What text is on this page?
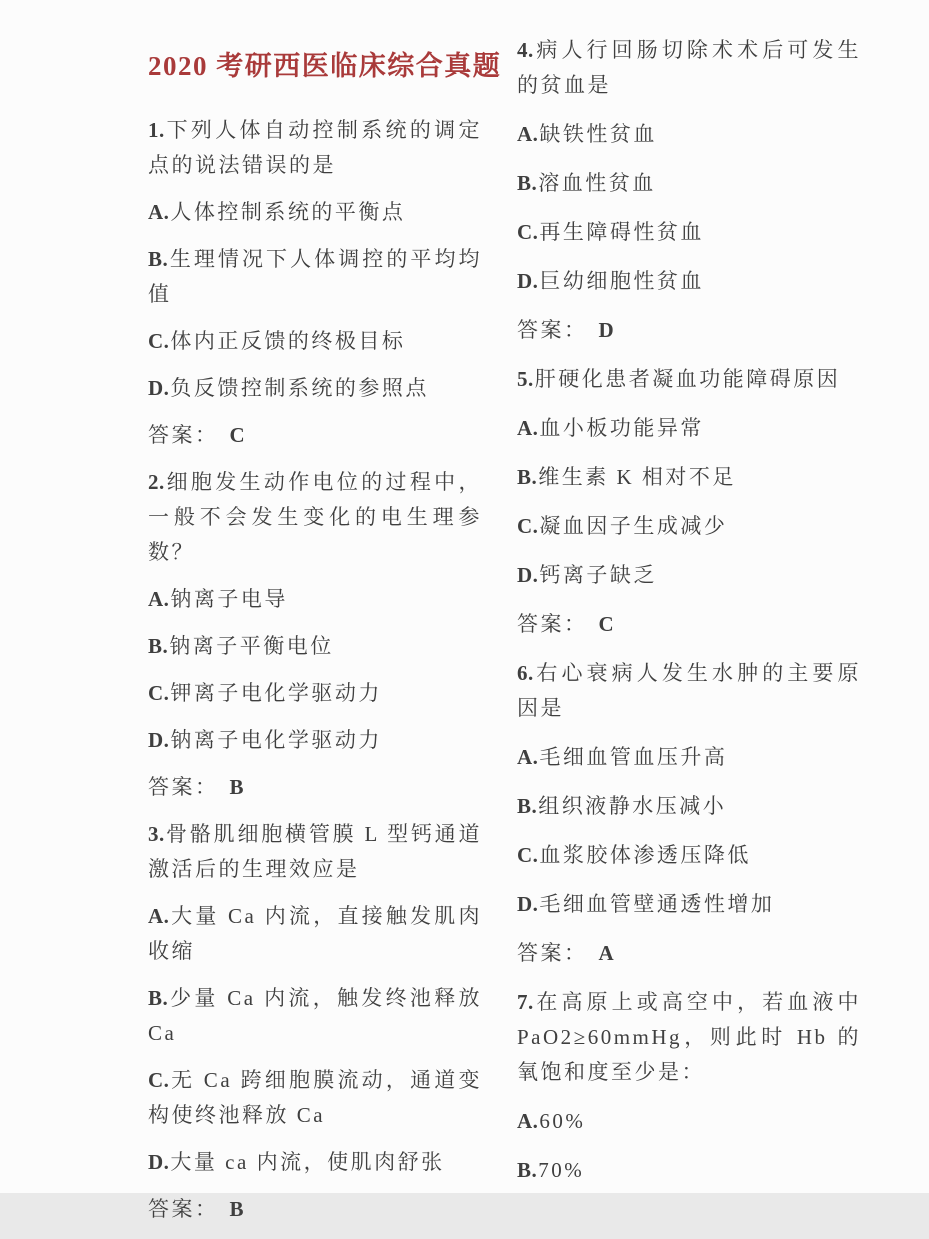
2020 考研西医临床综合真题

1.下列人体自动控制系统的调定点的说法错误的是

A.人体控制系统的平衡点

B.生理情况下人体调控的平均均值

C.体内正反馈的终极目标

D.负反馈控制系统的参照点

答案： C

2.细胞发生动作电位的过程中，一般不会发生变化的电生理参数？

A.钠离子电导

B.钠离子平衡电位

C.钾离子电化学驱动力

D.钠离子电化学驱动力

答案： B

3.骨骼肌细胞横管膜 L 型钙通道激活后的生理效应是

A.大量 Ca 内流，直接触发肌肉收缩

B.少量 Ca 内流，触发终池释放 Ca

C.无 Ca 跨细胞膜流动，通道变构使终池释放 Ca

D.大量 ca 内流，使肌肉舒张

答案： B

4.病人行回肠切除术术后可发生的贫血是

A.缺铁性贫血

B.溶血性贫血

C.再生障碍性贫血

D.巨幼细胞性贫血

答案： D

5.肝硬化患者凝血功能障碍原因

A.血小板功能异常

B.维生素 K 相对不足

C.凝血因子生成减少

D.钙离子缺乏

答案： C

6.右心衰病人发生水肿的主要原因是

A.毛细血管血压升高

B.组织液静水压减小

C.血浆胶体渗透压降低

D.毛细血管壁通透性增加

答案： A

7.在高原上或高空中，若血液中 PaO2≥60mmHg，则此时 Hb 的氧饱和度至少是：

A.60%

B.70%
